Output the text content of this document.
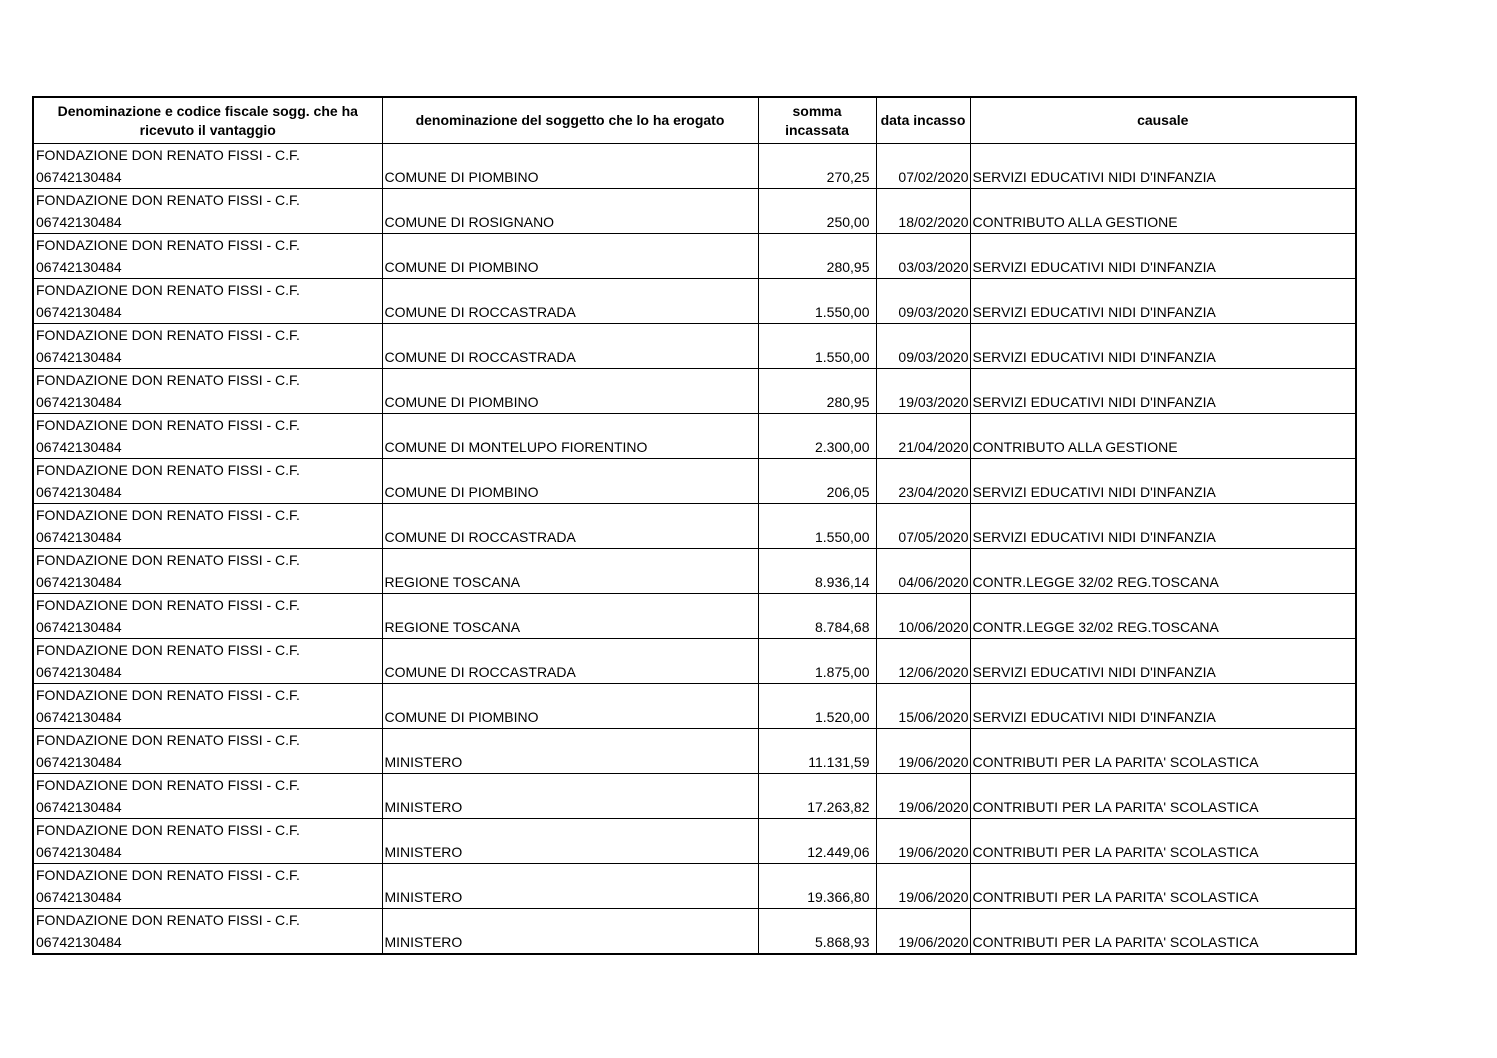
Denominazione e codice fiscale sogg. che ha ricevuto il vantaggio	denominazione del soggetto che lo ha erogato	somma incassata	data incasso	causale

FONDAZIONE DON RENATO FISSI - C.F.
06742130484	COMUNE DI PIOMBINO	270,25	07/02/2020	SERVIZI EDUCATIVI NIDI D'INFANZIA

FONDAZIONE DON RENATO FISSI - C.F.
06742130484	COMUNE DI ROSIGNANO	250,00	18/02/2020	CONTRIBUTO ALLA GESTIONE

FONDAZIONE DON RENATO FISSI - C.F.
06742130484	COMUNE DI PIOMBINO	280,95	03/03/2020	SERVIZI EDUCATIVI NIDI D'INFANZIA

FONDAZIONE DON RENATO FISSI - C.F.
06742130484	COMUNE DI ROCCASTRADA	1.550,00	09/03/2020	SERVIZI EDUCATIVI NIDI D'INFANZIA

FONDAZIONE DON RENATO FISSI - C.F.
06742130484	COMUNE DI ROCCASTRADA	1.550,00	09/03/2020	SERVIZI EDUCATIVI NIDI D'INFANZIA

FONDAZIONE DON RENATO FISSI - C.F.
06742130484	COMUNE DI PIOMBINO	280,95	19/03/2020	SERVIZI EDUCATIVI NIDI D'INFANZIA

FONDAZIONE DON RENATO FISSI - C.F.
06742130484	COMUNE DI MONTELUPO FIORENTINO	2.300,00	21/04/2020	CONTRIBUTO ALLA GESTIONE

FONDAZIONE DON RENATO FISSI - C.F.
06742130484	COMUNE DI PIOMBINO	206,05	23/04/2020	SERVIZI EDUCATIVI NIDI D'INFANZIA

FONDAZIONE DON RENATO FISSI - C.F.
06742130484	COMUNE DI ROCCASTRADA	1.550,00	07/05/2020	SERVIZI EDUCATIVI NIDI D'INFANZIA

FONDAZIONE DON RENATO FISSI - C.F.
06742130484	REGIONE TOSCANA	8.936,14	04/06/2020	CONTR.LEGGE 32/02 REG.TOSCANA

FONDAZIONE DON RENATO FISSI - C.F.
06742130484	REGIONE TOSCANA	8.784,68	10/06/2020	CONTR.LEGGE 32/02 REG.TOSCANA

FONDAZIONE DON RENATO FISSI - C.F.
06742130484	COMUNE DI ROCCASTRADA	1.875,00	12/06/2020	SERVIZI EDUCATIVI NIDI D'INFANZIA

FONDAZIONE DON RENATO FISSI - C.F.
06742130484	COMUNE DI PIOMBINO	1.520,00	15/06/2020	SERVIZI EDUCATIVI NIDI D'INFANZIA

FONDAZIONE DON RENATO FISSI - C.F.
06742130484	MINISTERO	11.131,59	19/06/2020	CONTRIBUTI PER LA PARITA' SCOLASTICA

FONDAZIONE DON RENATO FISSI - C.F.
06742130484	MINISTERO	17.263,82	19/06/2020	CONTRIBUTI PER LA PARITA' SCOLASTICA

FONDAZIONE DON RENATO FISSI - C.F.
06742130484	MINISTERO	12.449,06	19/06/2020	CONTRIBUTI PER LA PARITA' SCOLASTICA

FONDAZIONE DON RENATO FISSI - C.F.
06742130484	MINISTERO	19.366,80	19/06/2020	CONTRIBUTI PER LA PARITA' SCOLASTICA

FONDAZIONE DON RENATO FISSI - C.F.
06742130484	MINISTERO	5.868,93	19/06/2020	CONTRIBUTI PER LA PARITA' SCOLASTICA
